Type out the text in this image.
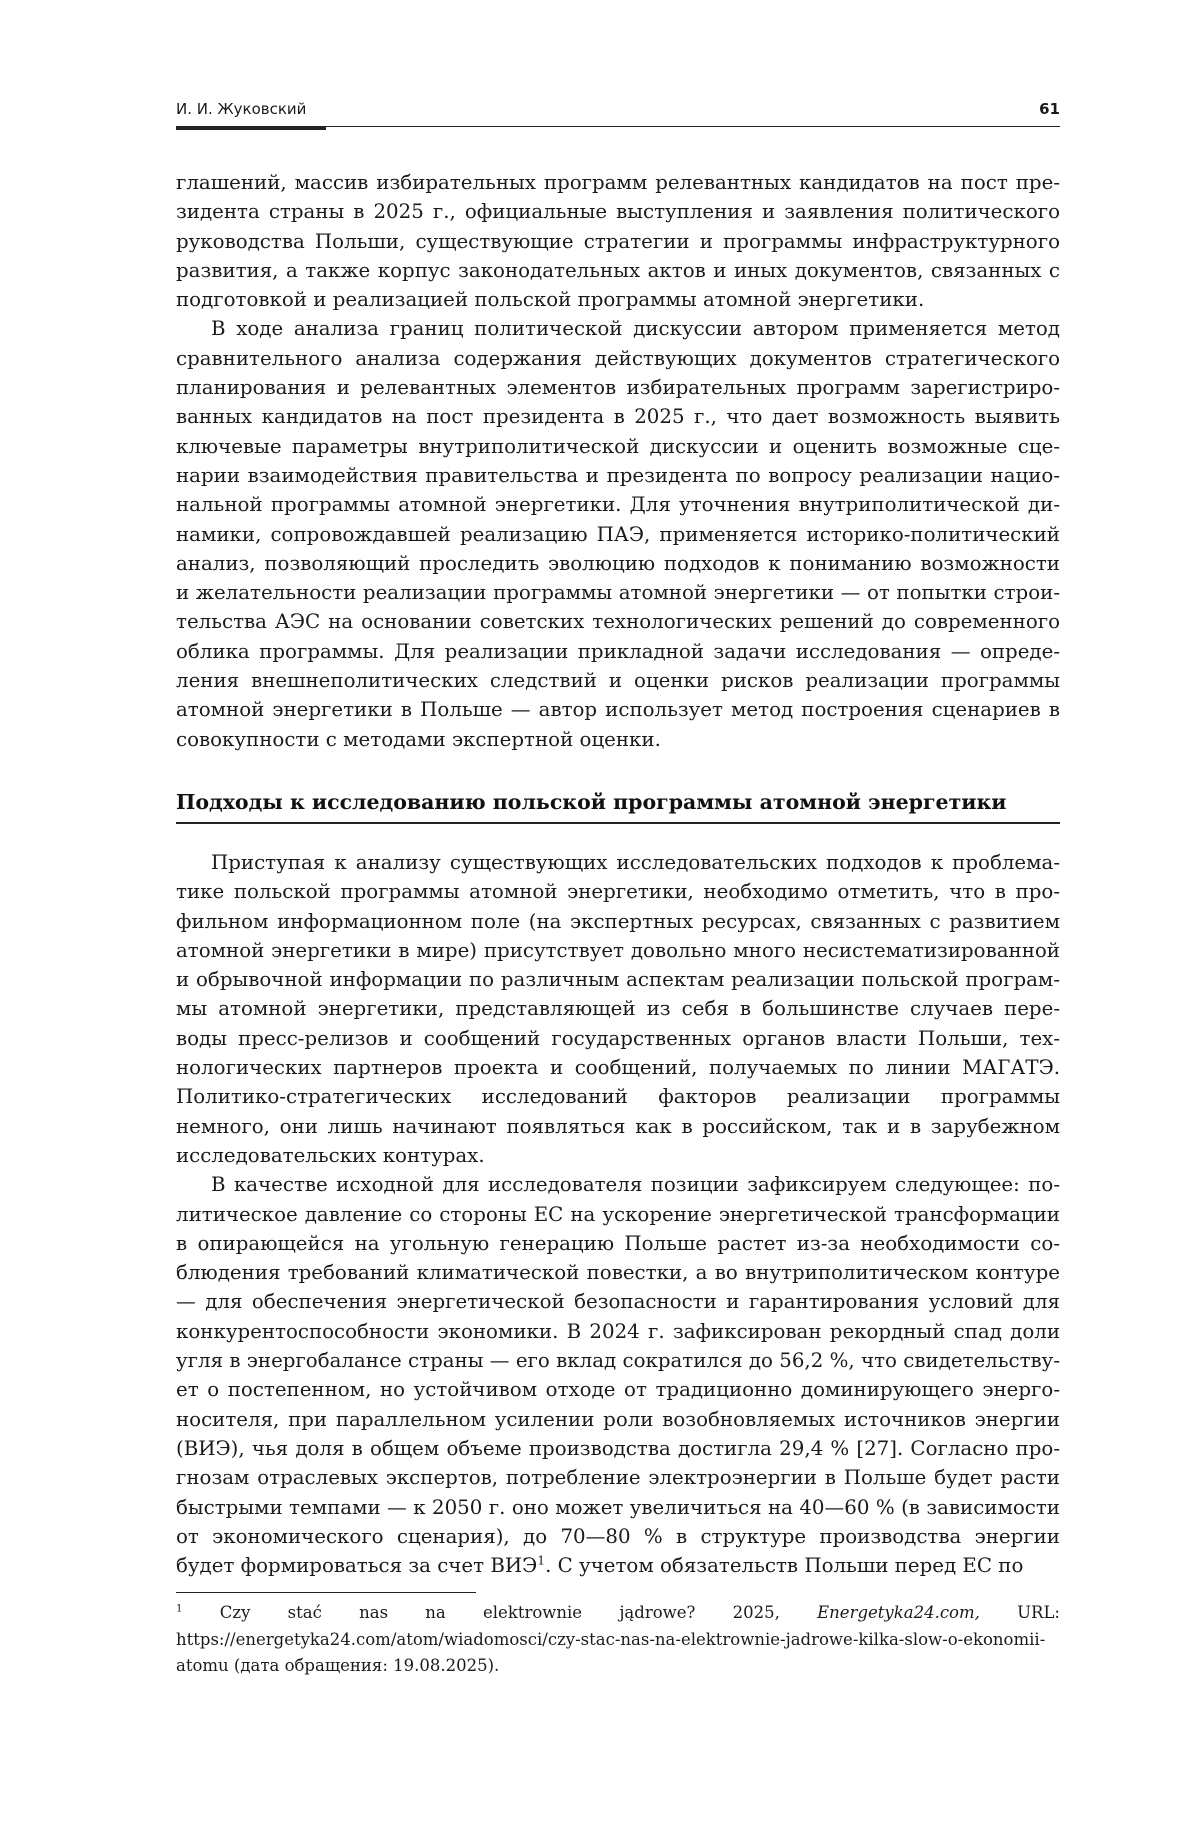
И. И. Жуковский	61

глашений, массив избирательных программ релевантных кандидатов на пост пре­зидента страны в 2025 г., официальные выступления и заявления политического руководства Польши, существующие стратегии и программы инфраструктурного развития, а также корпус законодательных актов и иных документов, связанных с подготовкой и реализацией польской программы атомной энергетики.

В ходе анализа границ политической дискуссии автором применяется метод сравнительного анализа содержания действующих документов стратегического планирования и релевантных элементов избирательных программ зарегистриро­ванных кандидатов на пост президента в 2025 г., что дает возможность выявить ключевые параметры внутриполитической дискуссии и оценить возможные сце­нарии взаимодействия правительства и президента по вопросу реализации нацио­нальной программы атомной энергетики. Для уточнения внутриполитической ди­намики, сопровождавшей реализацию ПАЭ, применяется историко-политический анализ, позволяющий проследить эволюцию подходов к пониманию возможности и желательности реализации программы атомной энергетики — от попытки строи­тельства АЭС на основании советских технологических решений до современного облика программы. Для реализации прикладной задачи исследования — опреде­ления внешнеполитических следствий и оценки рисков реализации программы атомной энергетики в Польше — автор использует метод построения сценариев в совокупности с методами экспертной оценки.

Подходы к исследованию польской программы атомной энергетики

Приступая к анализу существующих исследовательских подходов к проблема­тике польской программы атомной энергетики, необходимо отметить, что в про­фильном информационном поле (на экспертных ресурсах, связанных с развитием атомной энергетики в мире) присутствует довольно много несистематизированной и обрывочной информации по различным аспектам реализации польской програм­мы атомной энергетики, представляющей из себя в большинстве случаев пере­воды пресс-релизов и сообщений государственных органов власти Польши, тех­нологических партнеров проекта и сообщений, получаемых по линии МАГАТЭ. Политико-стратегических исследований факторов реализации программы немного, они лишь начинают появляться как в российском, так и в зарубежном исследова­тельских контурах.

В качестве исходной для исследователя позиции зафиксируем следующее: по­литическое давление со стороны ЕС на ускорение энергетической трансформации в опирающейся на угольную генерацию Польше растет из-за необходимости со­блюдения требований климатической повестки, а во внутриполитическом конту­ре — для обеспечения энергетической безопасности и гарантирования условий для конкурентоспособности экономики. В 2024 г. зафиксирован рекордный спад доли угля в энергобалансе страны — его вклад сократился до 56,2 %, что свидетельству­ет о постепенном, но устойчивом отходе от традиционно доминирующего энерго­носителя, при параллельном усилении роли возобновляемых источников энергии (ВИЭ), чья доля в общем объеме производства достигла 29,4 % [27]. Согласно про­гнозам отраслевых экспертов, потребление электроэнергии в Польше будет расти быстрыми темпами — к 2050 г. оно может увеличиться на 40—60 % (в зависимо­сти от экономического сценария), до 70—80 % в структуре производства энергии будет формироваться за счет ВИЭ1. С учетом обязательств Польши перед ЕС по

1 Czy stać nas na elektrownie jądrowe? 2025, Energetyka24.com, URL: https://energetyka24.com/atom/wiadomosci/czy-stac-nas-na-elektrownie-jadrowe-kilka-slow-o-ekonomii-atomu (дата обращения: 19.08.2025).
